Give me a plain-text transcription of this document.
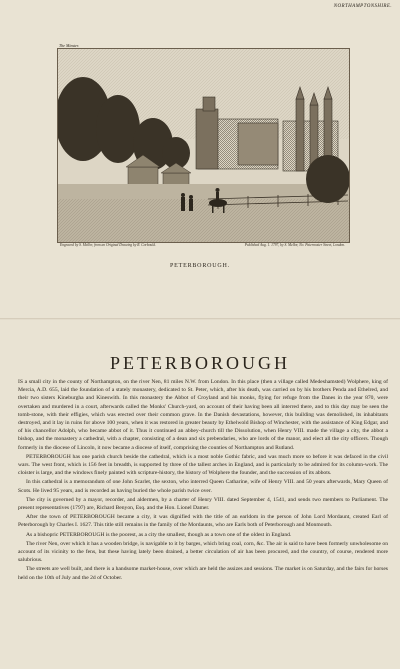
NORTHAMPTONSHIRE.
The Minster.
Engraved by S. Mellor, from an Original Drawing by R. Corbould.	Published Aug. 1. 1797, by S. Mellor, No. Paternoster Street, London.
PETERBOROUGH.
PETERBOROUGH

IS a small city in the county of Northampton, on the river Nen, 81 miles N.W. from London. In this place (then a village called Medeshamsted) Wolphere, king of Mercia, A.D. 655, laid the foundation of a stately monastery, dedicated to St. Peter, which, after his death, was carried on by his brothers Penda and Ethelred, and their two sisters Kineburgha and Kineswith. In this monastery the Abbot of Croyland and his monks, flying for refuge from the Danes in the year 870, were overtaken and murdered in a court, afterwards called the Monks' Church-yard, on account of their having been all interred there, and to this day may be seen the tomb-stone, with their effigies, which was erected over their common grave. In the Danish devastations, however, this building was demolished, its inhabitants destroyed, and it lay in ruins for above 100 years, when it was restored in greater beauty by Ethelwold Bishop of Winchester, with the assistance of King Edgar, and of his chancellor Adolph, who became abbot of it. Thus it continued an abbey-church till the Dissolution, when Henry VIII. made the village a city, the abbot a bishop, and the monastery a cathedral, with a chapter, consisting of a dean and six prebendaries, who are lords of the manor, and elect all the city officers. Though formerly in the diocese of Lincoln, it now became a diocese of itself, comprising the counties of Northampton and Rutland.

PETERBOROUGH has one parish church beside the cathedral, which is a most noble Gothic fabric, and was much more so before it was defaced in the civil wars. The west front, which is 156 feet in breadth, is supported by three of the tallest arches in England, and is particularly to be admired for its column-work. The cloister is large, and the windows finely painted with scripture-history, the history of Wolphere the founder, and the succession of its abbots.

In this cathedral is a memorandum of one John Scarlet, the sexton, who interred Queen Catharine, wife of Henry VIII. and 50 years afterwards, Mary Queen of Scots. He lived 95 years, and is recorded as having buried the whole parish twice over.

The city is governed by a mayor, recorder, and aldermen, by a charter of Henry VIII. dated September 4, 1541, and sends two members to Parliament. The present representatives (1797) are, Richard Benyon, Esq. and the Hon. Lionel Damer.

After the town of PETERBOROUGH became a city, it was dignified with the title of an earldom in the person of John Lord Mordaunt, created Earl of Peterborough by Charles I. 1627. This title still remains in the family of the Mordaunts, who are Earls both of Peterborough and Monmouth.

As a bishopric PETERBOROUGH is the poorest, as a city the smallest, though as a town one of the oldest in England.

The river Nen, over which it has a wooden bridge, is navigable to it by barges, which bring coal, corn, &c. The air is said to have been formerly unwholesome on account of its vicinity to the fens, but these having lately been drained, a better circulation of air has been procured, and the country, of course, rendered more salubrious.

The streets are well built, and there is a handsome market-house, over which are held the assizes and sessions. The market is on Saturday, and the fairs for horses held on the 10th of July and the 2d of October.
